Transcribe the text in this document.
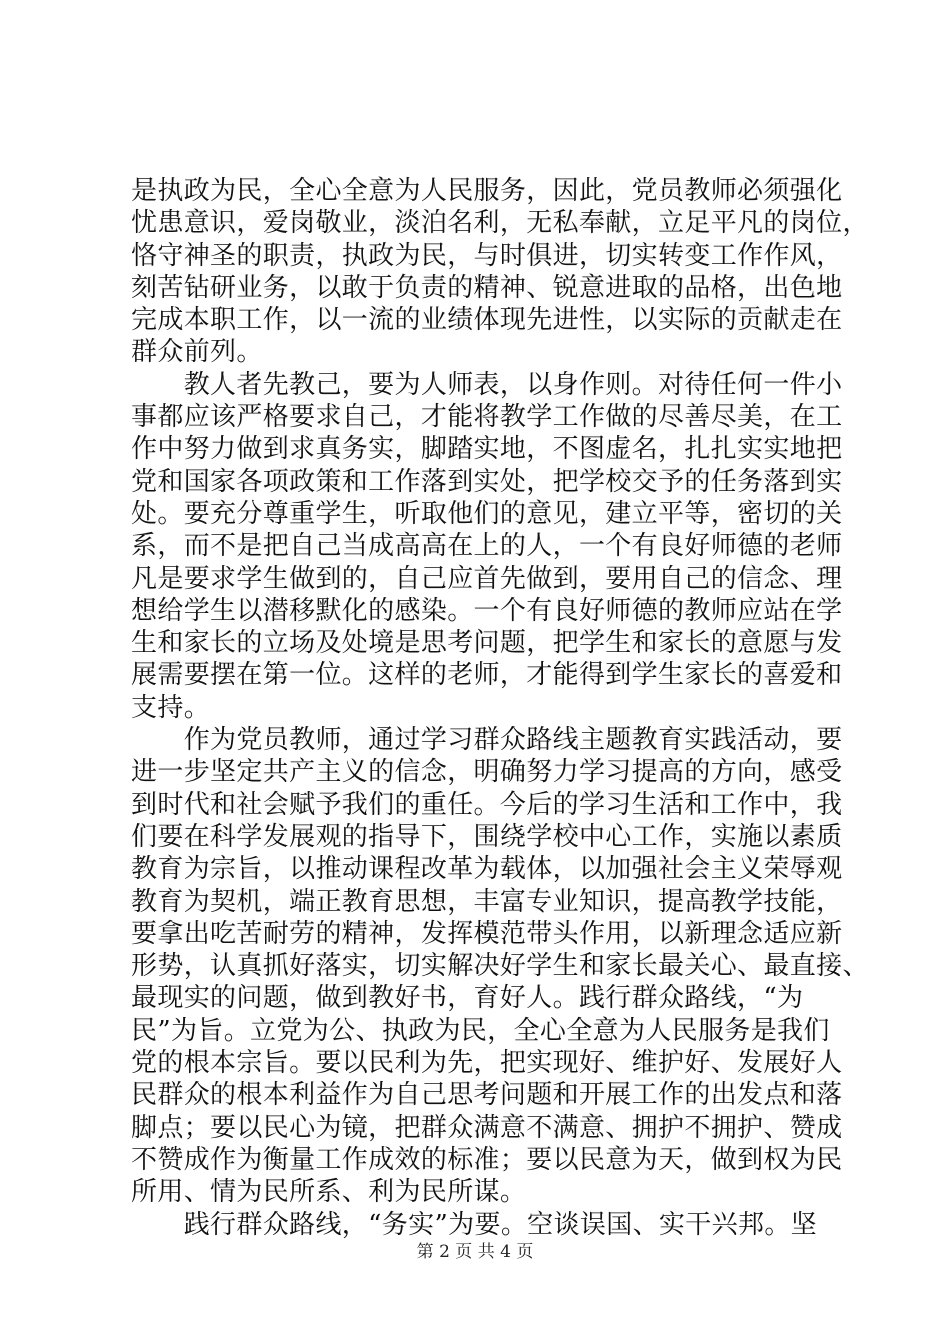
是执政为民，全心全意为人民服务，因此，党员教师必须强化
忧患意识，爱岗敬业，淡泊名利，无私奉献，立足平凡的岗位，
恪守神圣的职责，执政为民，与时俱进，切实转变工作作风，
刻苦钻研业务，以敢于负责的精神、锐意进取的品格，出色地
完成本职工作，以一流的业绩体现先进性，以实际的贡献走在
群众前列。
　　教人者先教己，要为人师表，以身作则。对待任何一件小
事都应该严格要求自己，才能将教学工作做的尽善尽美，在工
作中努力做到求真务实，脚踏实地，不图虚名，扎扎实实地把
党和国家各项政策和工作落到实处，把学校交予的任务落到实
处。要充分尊重学生，听取他们的意见，建立平等，密切的关
系，而不是把自己当成高高在上的人，一个有良好师德的老师
凡是要求学生做到的，自己应首先做到，要用自己的信念、理
想给学生以潜移默化的感染。一个有良好师德的教师应站在学
生和家长的立场及处境是思考问题，把学生和家长的意愿与发
展需要摆在第一位。这样的老师，才能得到学生家长的喜爱和
支持。
　　作为党员教师，通过学习群众路线主题教育实践活动，要
进一步坚定共产主义的信念，明确努力学习提高的方向，感受
到时代和社会赋予我们的重任。今后的学习生活和工作中，我
们要在科学发展观的指导下，围绕学校中心工作，实施以素质
教育为宗旨，以推动课程改革为载体，以加强社会主义荣辱观
教育为契机，端正教育思想，丰富专业知识，提高教学技能，
要拿出吃苦耐劳的精神，发挥模范带头作用，以新理念适应新
形势，认真抓好落实，切实解决好学生和家长最关心、最直接、
最现实的问题，做到教好书，育好人。践行群众路线，“为
民”为旨。立党为公、执政为民，全心全意为人民服务是我们
党的根本宗旨。要以民利为先，把实现好、维护好、发展好人
民群众的根本利益作为自己思考问题和开展工作的出发点和落
脚点；要以民心为镜，把群众满意不满意、拥护不拥护、赞成
不赞成作为衡量工作成效的标准；要以民意为天，做到权为民
所用、情为民所系、利为民所谋。
　　践行群众路线，“务实”为要。空谈误国、实干兴邦。坚
第 2 页 共 4 页
